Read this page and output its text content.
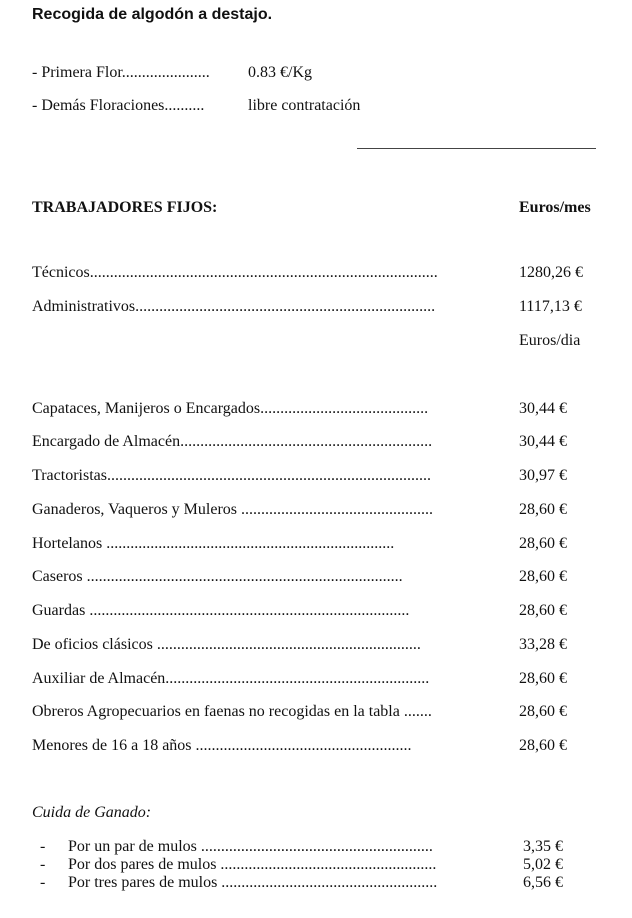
Recogida de algodón a destajo.
- Primera Flor...................... 0.83 €/Kg
- Demás Floraciones..........	libre contratación
TRABAJADORES FIJOS:	Euros/mes
Técnicos.......................................................................................	1280,26 €
Administrativos...........................................................................	1117,13 €
Euros/dia
Capataces, Manijeros o Encargados..........................................	30,44 €
Encargado de Almacén...............................................................	30,44 €
Tractoristas.................................................................................	30,97 €
Ganaderos, Vaqueros y Muleros ................................................	28,60 €
Hortelanos ........................................................................	28,60 €
Caseros ...............................................................................	28,60 €
Guardas ................................................................................	28,60 €
De oficios clásicos ..................................................................	33,28 €
Auxiliar de Almacén..................................................................	28,60 €
Obreros Agropecuarios en faenas no recogidas en la tabla .......	28,60 €
Menores de 16 a 18 años ......................................................	28,60 €
Cuida de Ganado:
- Por un par de mulos ..........................................................	3,35 €
- Por dos pares de mulos ......................................................	5,02 €
- Por tres pares de mulos ......................................................	6,56 €
